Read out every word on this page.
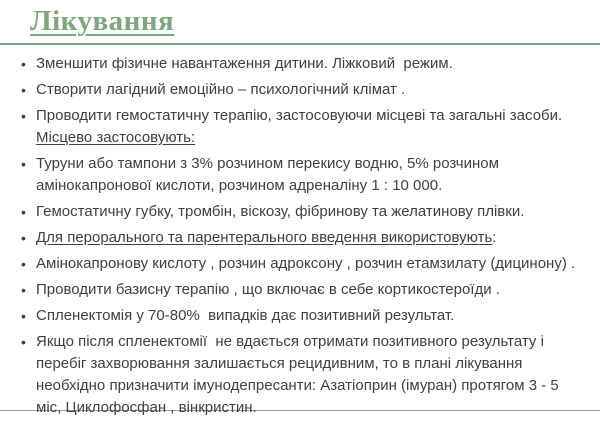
Лікування
• Зменшити фізичне навантаження дитини. Ліжковий  режим.
• Створити лагідний емоційно – психологічний клімат .
• Проводити гемостатичну терапію, застосовуючи місцеві та загальні засоби. Місцево застосовують:
• Туруни або тампони з 3% розчином перекису водню, 5% розчином амінокапронової кислоти, розчином адреналіну 1 : 10 000.
• Гемостатичну губку, тромбін, віскозу, фібринову та желатинову плівки.
• Для перорального та парентерального введення використовують:
• Амінокапронову кислоту , розчин адроксону , розчин етамзилату (дицинону) .
• Проводити базисну терапію , що включає в себе кортикостероїди .
• Спленектомія у 70-80%  випадків дає позитивний результат.
• Якщо після спленектомії  не вдається отримати позитивного результату і перебіг захворювання залишається рецидивним, то в плані лікування необхідно призначити імунодепресанти: Азатіоприн (імуран) протягом 3 - 5 міс, Циклофосфан , вінкристин.
